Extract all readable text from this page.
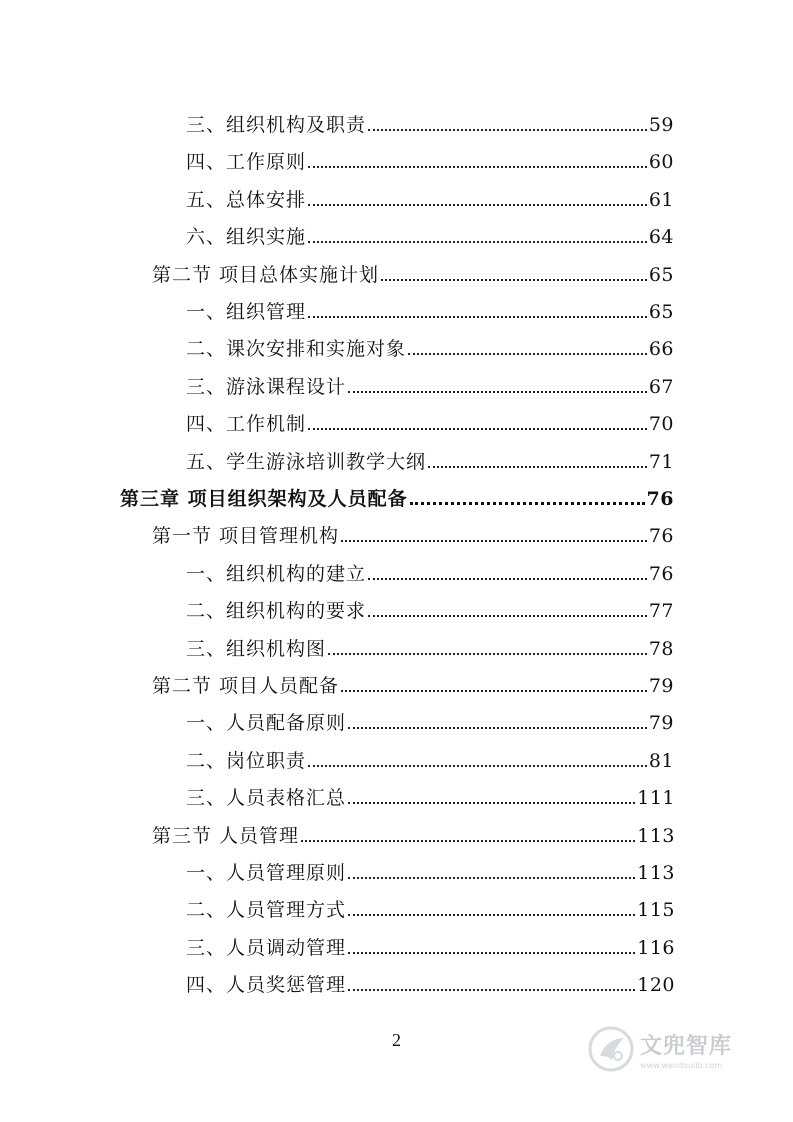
三、组织机构及职责	59
四、工作原则	60
五、总体安排	61
六、组织实施	64
第二节 项目总体实施计划	65
一、组织管理	65
二、课次安排和实施对象	66
三、游泳课程设计	67
四、工作机制	70
五、学生游泳培训教学大纲	71
第三章 项目组织架构及人员配备	76
第一节 项目管理机构	76
一、组织机构的建立	76
二、组织机构的要求	77
三、组织机构图	78
第二节 项目人员配备	79
一、人员配备原则	79
二、岗位职责	81
三、人员表格汇总	111
第三节 人员管理	113
一、人员管理原则	113
二、人员管理方式	115
三、人员调动管理	116
四、人员奖惩管理	120
2	文兜智库
www.wendoulib.com
